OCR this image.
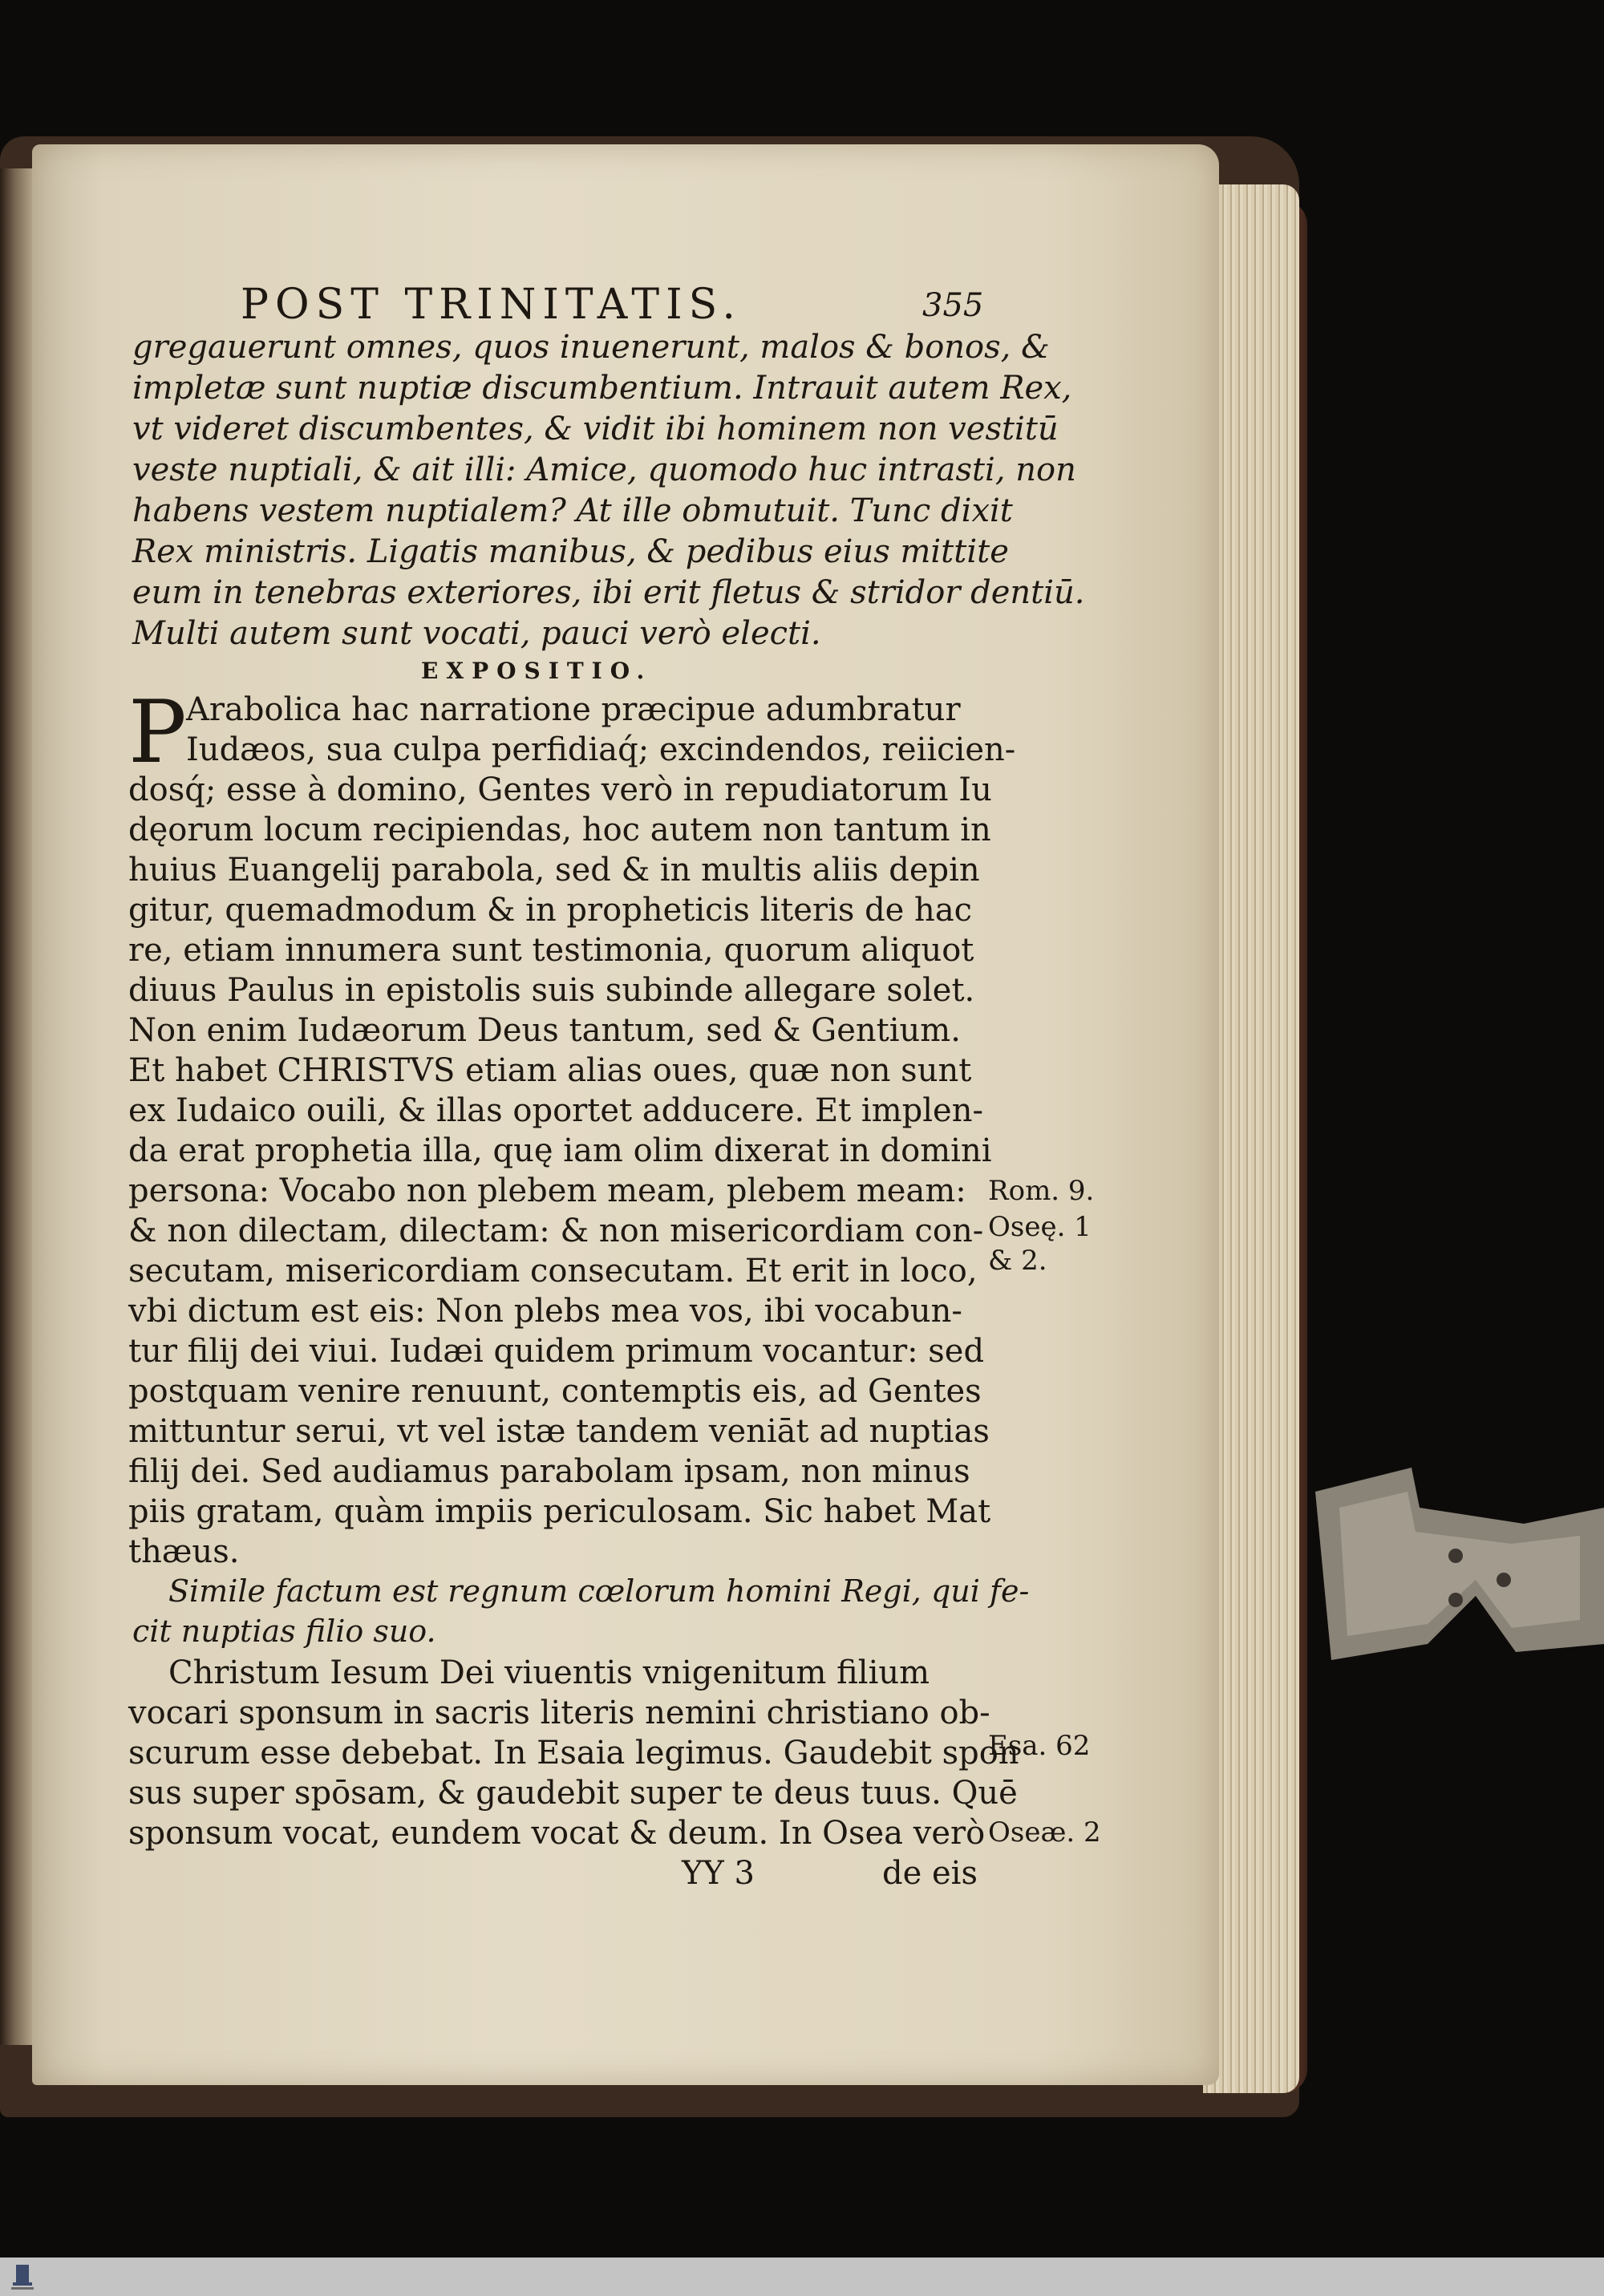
POST TRINITATIS.	355
gregauerunt omnes, quos inuenerunt, malos & bonos, &
impletæ sunt nuptiæ discumbentium. Intrauit autem Rex,
vt videret discumbentes, & vidit ibi hominem non vestitū
veste nuptiali, & ait illi: Amice, quomodo huc intrasti, non
habens vestem nuptialem? At ille obmutuit. Tunc dixit
Rex ministris. Ligatis manibus, & pedibus eius mittite
eum in tenebras exteriores, ibi erit fletus & stridor dentiū.
Multi autem sunt vocati, pauci verò electi.
EXPOSITIO.
P Arabolica hac narratione præcipue adumbratur
Iudæos, sua culpa perfidiaq́; excindendos, reiicien-
dosq́; esse à domino, Gentes verò in repudiatorum Iu
dęorum locum recipiendas, hoc autem non tantum in
huius Euangelij parabola, sed & in multis aliis depin
gitur, quemadmodum & in propheticis literis de hac
re, etiam innumera sunt testimonia, quorum aliquot
diuus Paulus in epistolis suis subinde allegare solet.
Non enim Iudæorum Deus tantum, sed & Gentium.
Et habet CHRISTVS etiam alias oues, quæ non sunt
ex Iudaico ouili, & illas oportet adducere. Et implen-
da erat prophetia illa, quę iam olim dixerat in domini
persona: Vocabo non plebem meam, plebem meam:
& non dilectam, dilectam: & non misericordiam con-
secutam, misericordiam consecutam. Et erit in loco,
vbi dictum est eis: Non plebs mea vos, ibi vocabun-
tur filij dei viui. Iudæi quidem primum vocantur: sed
postquam venire renuunt, contemptis eis, ad Gentes
mittuntur serui, vt vel istæ tandem veniāt ad nuptias
filij dei. Sed audiamus parabolam ipsam, non minus
piis gratam, quàm impiis periculosam. Sic habet Mat
thæus.
Simile factum est regnum cœlorum homini Regi, qui fe-
cit nuptias filio suo.
Christum Iesum Dei viuentis vnigenitum filium
vocari sponsum in sacris literis nemini christiano ob-
scurum esse debebat. In Esaia legimus. Gaudebit spon
sus super spōsam, & gaudebit super te deus tuus. Quē
sponsum vocat, eundem vocat & deum. In Osea verò
Rom. 9.
Oseę. 1
& 2.
Esa. 62
Oseæ. 2
YY 3	de eis
